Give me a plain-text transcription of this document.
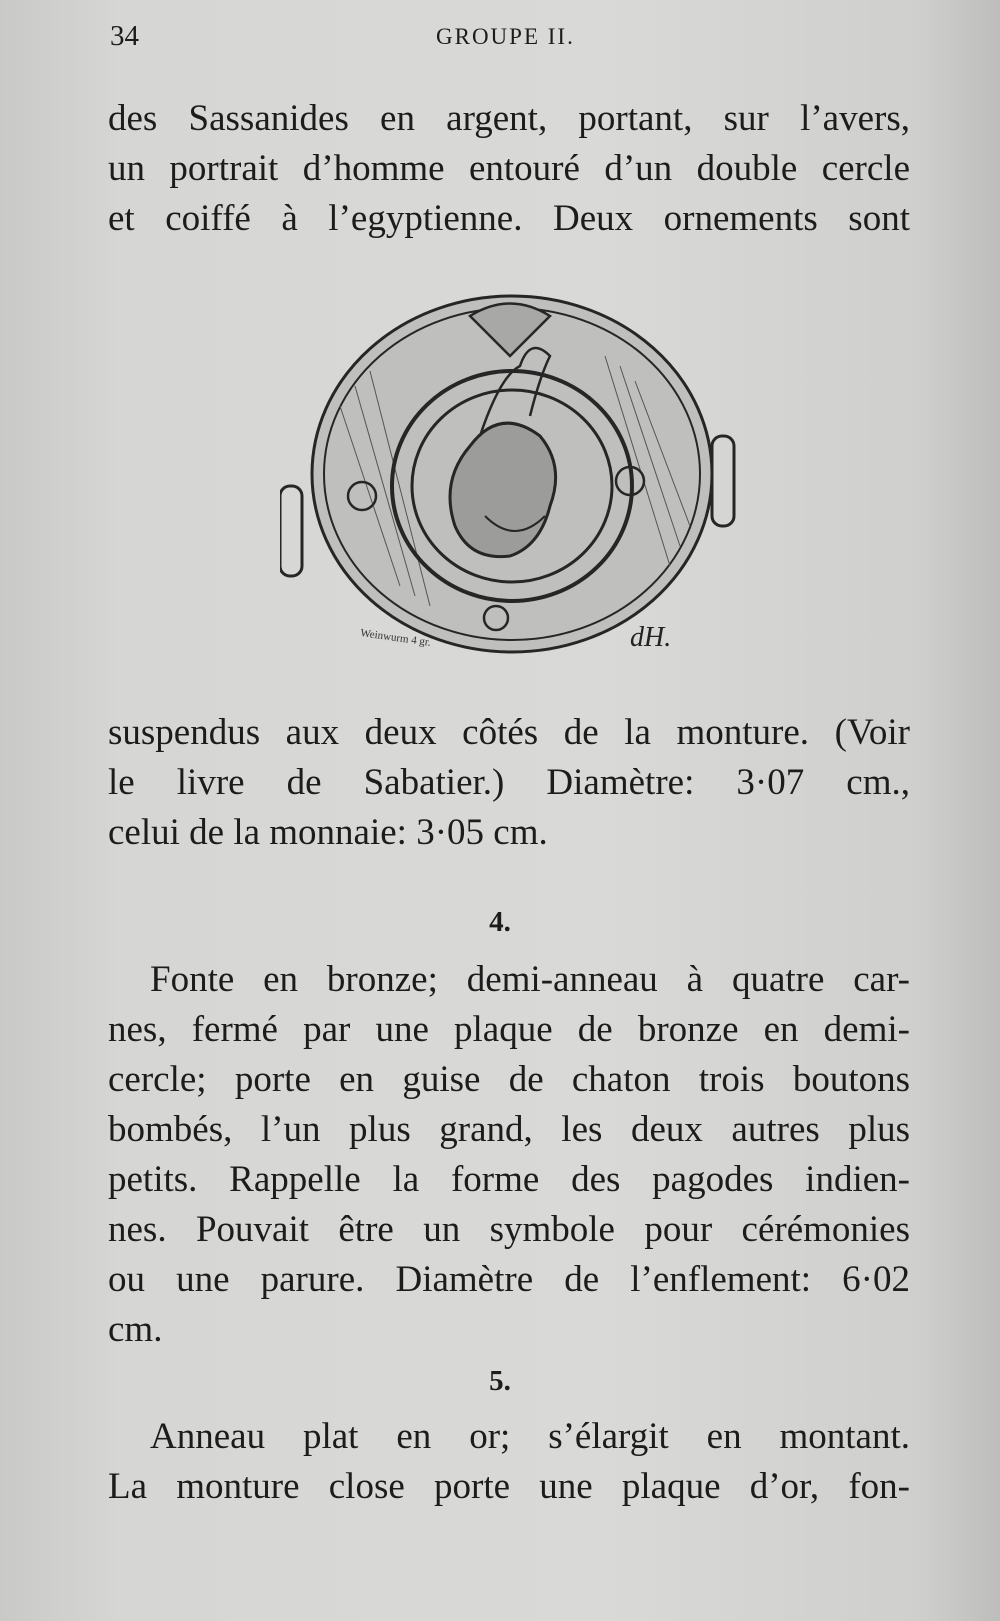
34	GROUPE II.
des Sassanides en argent, portant, sur l’avers,
un portrait d’homme entouré d’un double cercle
et coiffé à l’egyptienne. Deux ornements sont
Weinwurm 4 gr.	dH.
suspendus aux deux côtés de la monture. (Voir
le livre de Sabatier.) Diamètre: 3·07 cm.,
celui de la monnaie: 3·05 cm.
4.
Fonte en bronze; demi-anneau à quatre car-
nes, fermé par une plaque de bronze en demi-
cercle; porte en guise de chaton trois boutons
bombés, l’un plus grand, les deux autres plus
petits. Rappelle la forme des pagodes indien-
nes. Pouvait être un symbole pour cérémonies
ou une parure. Diamètre de l’enflement: 6·02
cm.
5.
Anneau plat en or; s’élargit en montant.
La monture close porte une plaque d’or, fon-
